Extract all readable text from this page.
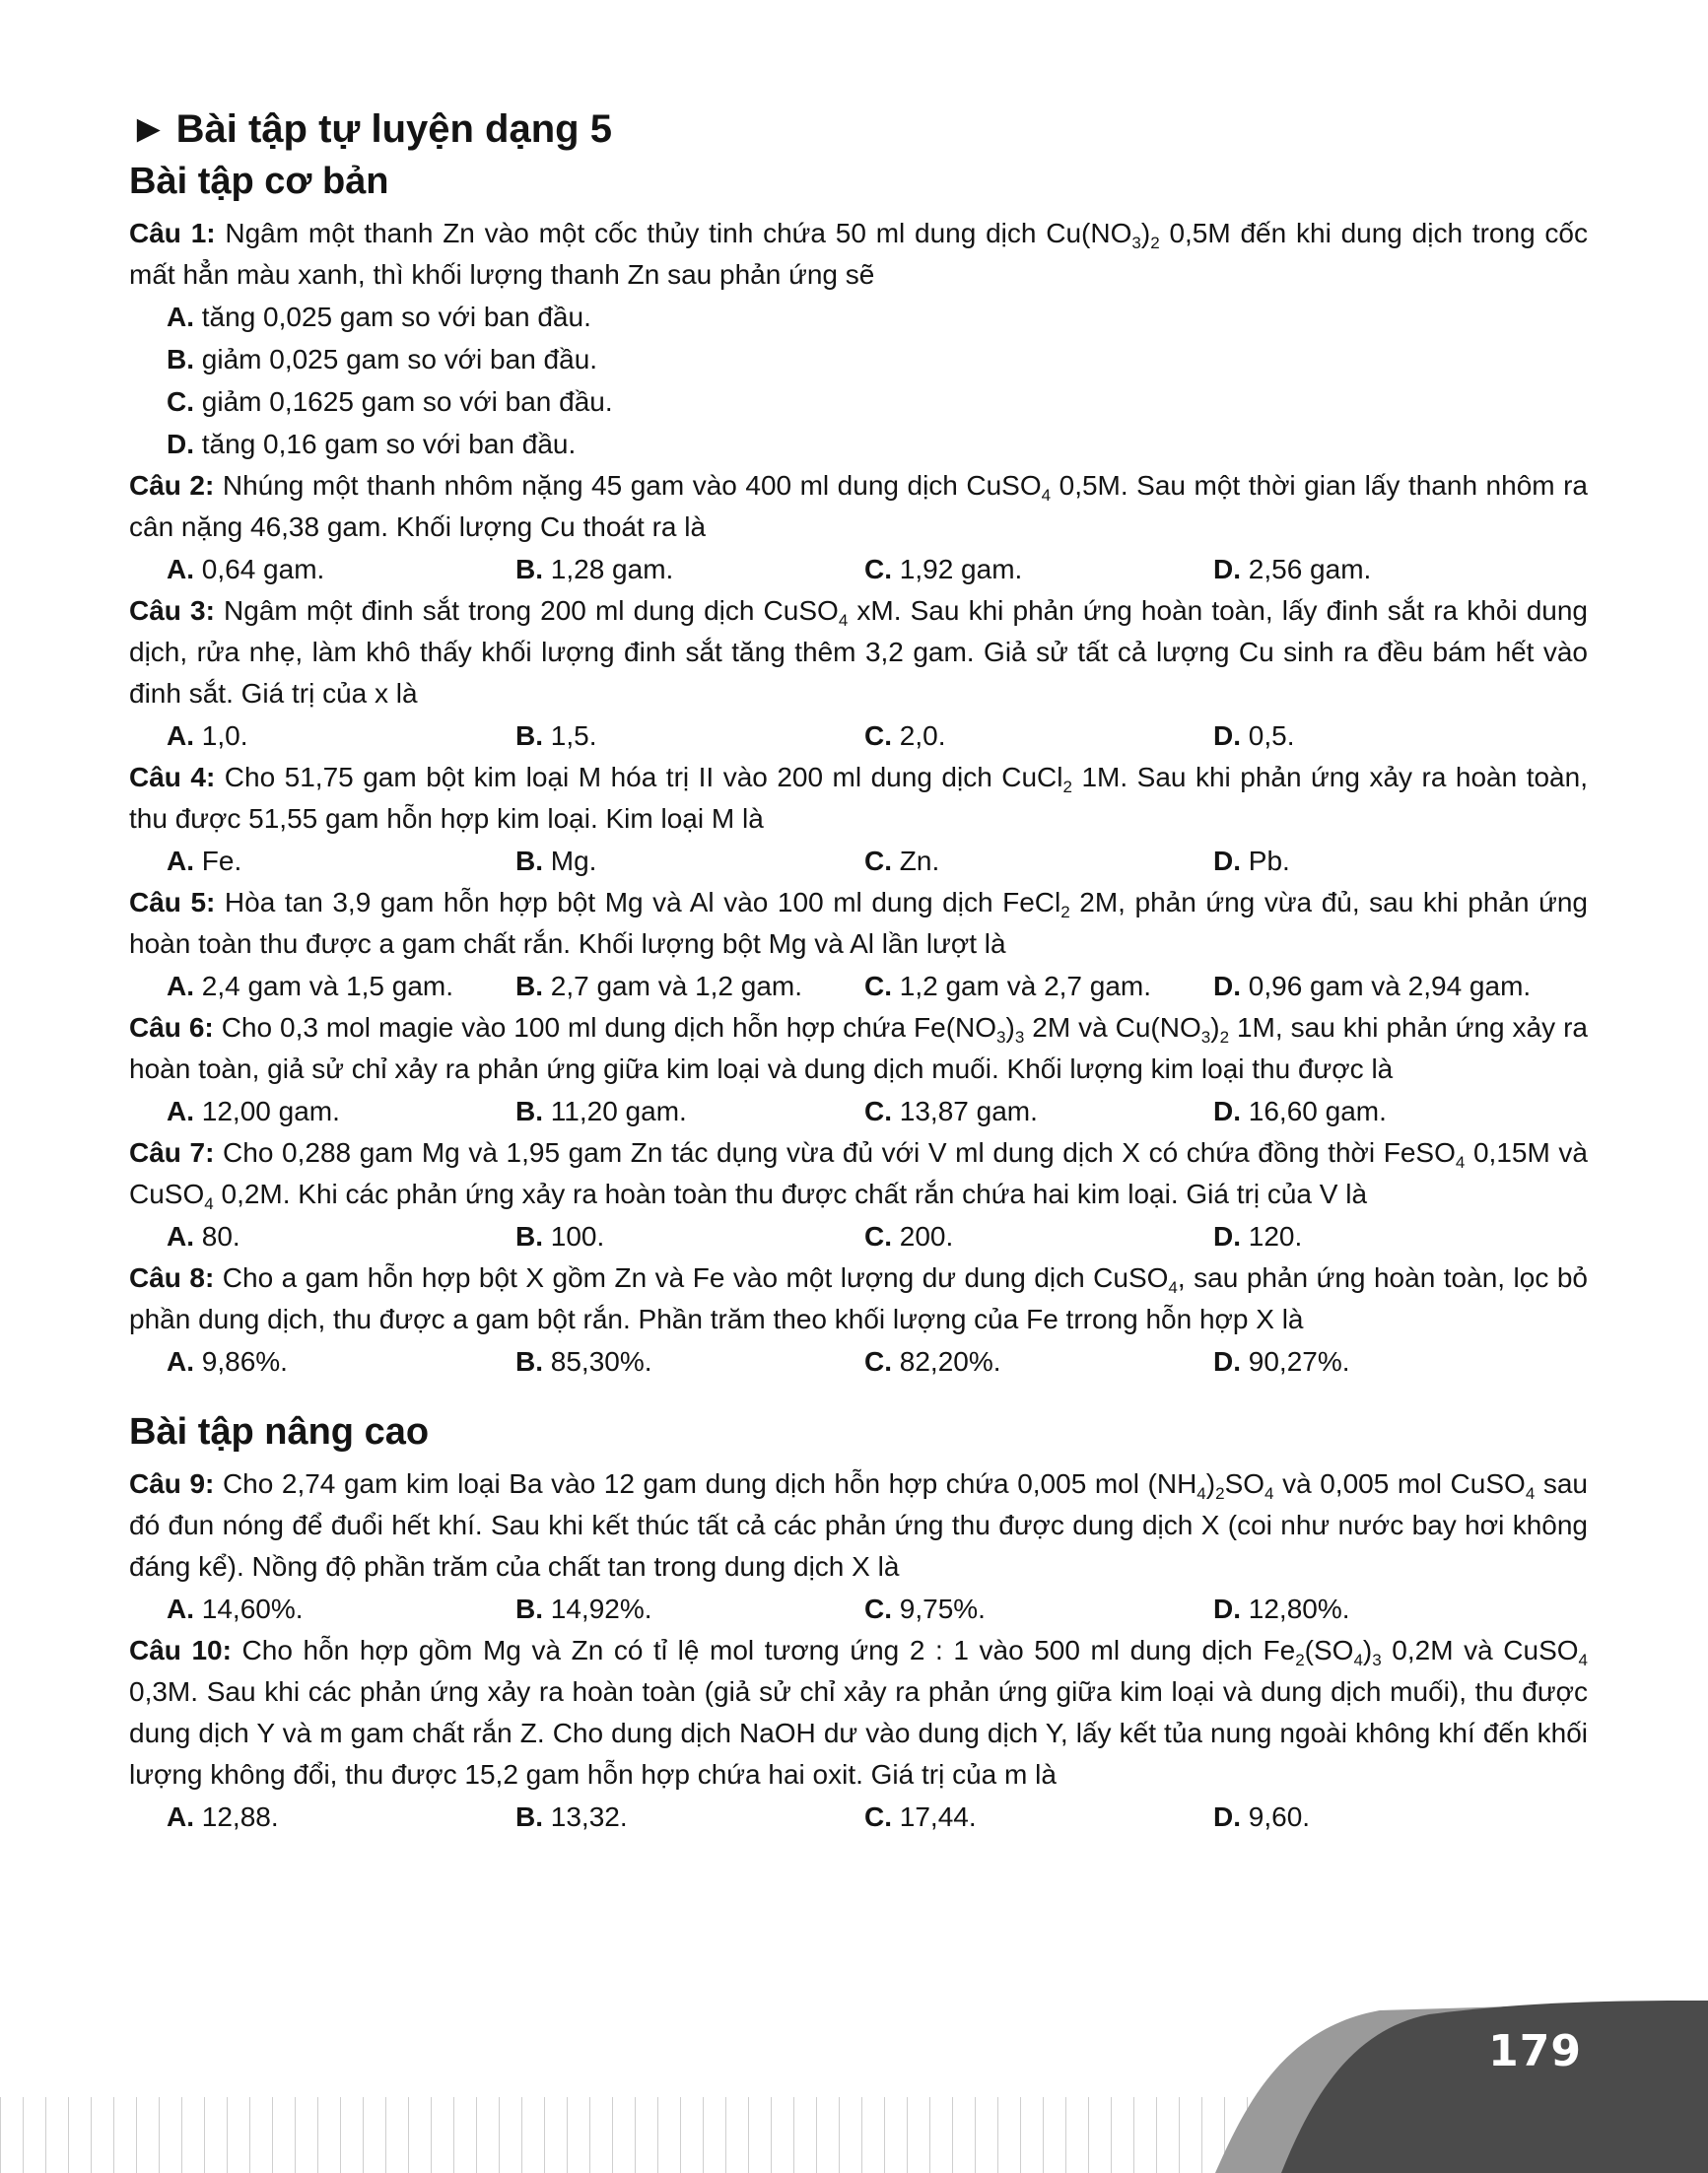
► Bài tập tự luyện dạng 5
Bài tập cơ bản
Câu 1: Ngâm một thanh Zn vào một cốc thủy tinh chứa 50 ml dung dịch $Cu(NO_3)_2$ 0,5M đến khi dung dịch trong cốc mất hẳn màu xanh, thì khối lượng thanh Zn sau phản ứng sẽ
A. tăng 0,025 gam so với ban đầu.
B. giảm 0,025 gam so với ban đầu.
C. giảm 0,1625 gam so với ban đầu.
D. tăng 0,16 gam so với ban đầu.
Câu 2: Nhúng một thanh nhôm nặng 45 gam vào 400 ml dung dịch CuSO$_4$ 0,5M. Sau một thời gian lấy thanh nhôm ra cân nặng 46,38 gam. Khối lượng Cu thoát ra là
A. 0,64 gam.	B. 1,28 gam.	C. 1,92 gam.	D. 2,56 gam.
Câu 3: Ngâm một đinh sắt trong 200 ml dung dịch CuSO$_4$ xM. Sau khi phản ứng hoàn toàn, lấy đinh sắt ra khỏi dung dịch, rửa nhẹ, làm khô thấy khối lượng đinh sắt tăng thêm 3,2 gam. Giả sử tất cả lượng Cu sinh ra đều bám hết vào đinh sắt. Giá trị của x là
A. 1,0.	B. 1,5.	C. 2,0.	D. 0,5.
Câu 4: Cho 51,75 gam bột kim loại M hóa trị II vào 200 ml dung dịch CuCl$_2$ 1M. Sau khi phản ứng xảy ra hoàn toàn, thu được 51,55 gam hỗn hợp kim loại. Kim loại M là
A. Fe.	B. Mg.	C. Zn.	D. Pb.
Câu 5: Hòa tan 3,9 gam hỗn hợp bột Mg và Al vào 100 ml dung dịch FeCl$_2$ 2M, phản ứng vừa đủ, sau khi phản ứng hoàn toàn thu được a gam chất rắn. Khối lượng bột Mg và Al lần lượt là
A. 2,4 gam và 1,5 gam.	B. 2,7 gam và 1,2 gam.	C. 1,2 gam và 2,7 gam.	D. 0,96 gam và 2,94 gam.
Câu 6: Cho 0,3 mol magie vào 100 ml dung dịch hỗn hợp chứa $Fe(NO_3)_3$ 2M và $Cu(NO_3)_2$ 1M, sau khi phản ứng xảy ra hoàn toàn, giả sử chỉ xảy ra phản ứng giữa kim loại và dung dịch muối. Khối lượng kim loại thu được là
A. 12,00 gam.	B. 11,20 gam.	C. 13,87 gam.	D. 16,60 gam.
Câu 7: Cho 0,288 gam Mg và 1,95 gam Zn tác dụng vừa đủ với V ml dung dịch X có chứa đồng thời FeSO$_4$ 0,15M và CuSO$_4$ 0,2M. Khi các phản ứng xảy ra hoàn toàn thu được chất rắn chứa hai kim loại. Giá trị của V là
A. 80.	B. 100.	C. 200.	D. 120.
Câu 8: Cho a gam hỗn hợp bột X gồm Zn và Fe vào một lượng dư dung dịch CuSO$_4$, sau phản ứng hoàn toàn, lọc bỏ phần dung dịch, thu được a gam bột rắn. Phần trăm theo khối lượng của Fe trrong hỗn hợp X là
A. 9,86%.	B. 85,30%.	C. 82,20%.	D. 90,27%.
Bài tập nâng cao
Câu 9: Cho 2,74 gam kim loại Ba vào 12 gam dung dịch hỗn hợp chứa 0,005 mol $(NH_4)_2SO_4$ và 0,005 mol CuSO$_4$ sau đó đun nóng để đuổi hết khí. Sau khi kết thúc tất cả các phản ứng thu được dung dịch X (coi như nước bay hơi không đáng kể). Nồng độ phần trăm của chất tan trong dung dịch X là
A. 14,60%.	B. 14,92%.	C. 9,75%.	D. 12,80%.
Câu 10: Cho hỗn hợp gồm Mg và Zn có tỉ lệ mol tương ứng 2 : 1 vào 500 ml dung dịch $Fe_2(SO_4)_3$ 0,2M và CuSO$_4$ 0,3M. Sau khi các phản ứng xảy ra hoàn toàn (giả sử chỉ xảy ra phản ứng giữa kim loại và dung dịch muối), thu được dung dịch Y và m gam chất rắn Z. Cho dung dịch NaOH dư vào dung dịch Y, lấy kết tủa nung ngoài không khí đến khối lượng không đổi, thu được 15,2 gam hỗn hợp chứa hai oxit. Giá trị của m là
A. 12,88.	B. 13,32.	C. 17,44.	D. 9,60.
179
